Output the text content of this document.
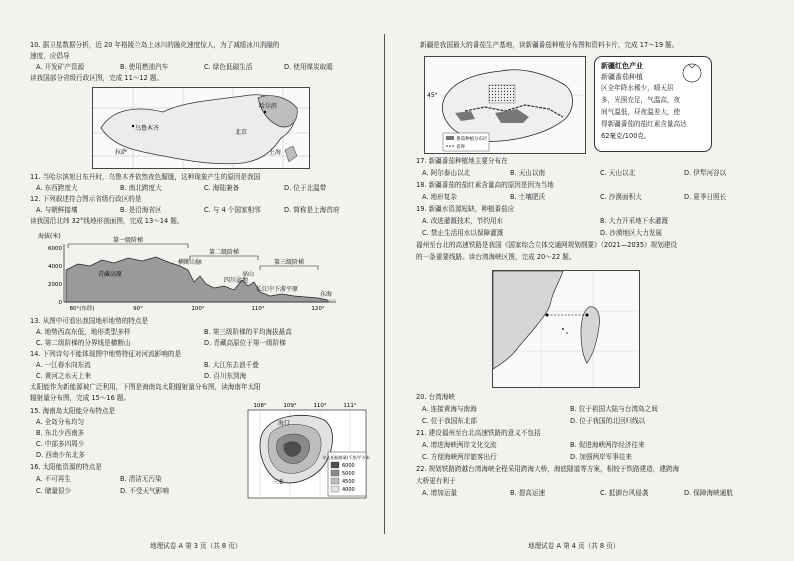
10. 据卫星数据分析，近 20 年格陵兰岛上冰川的融化速度惊人，为了减缓冰川消融的
速度，应倡导
A. 开发矿产资源	B. 使用燃油汽车	C. 绿色低碳生活	D. 使用煤炭取暖
读我国部分省级行政区图，完成 11～12 题。
乌鲁木齐
拉萨
哈尔滨
北京
上海
11. 当哈尔滨旭日东升时，乌鲁木齐依然夜色朦胧，这种现象产生的原因是我国
A. 东西跨度大	B. 南北跨度大	C. 海陆兼备	D. 位于北温带
12. 下列叙述符合图示省级行政区的是
A. 与朝鲜接壤	B. 是沿海省区	C. 与 4 个国家相邻	D. 简称是上海首府
读我国沿北纬 32°线地形剖面图，完成 13～14 题。
海拔(米)
6000
4000
2000
0
第一级阶梯
第二级阶梯
第三级阶梯
青藏高原
横断山脉
四川盆地
巫山
长江中下游平原
东海
80°(东经)	90°	100°	110°	120°
13. 从图中可看出我国地形地势的特点是
A. 地势西高东低，地形类型多样	B. 第三级阶梯的平均海拔最高
C. 第二级阶梯的分界线是横断山	D. 青藏高原位于第一级阶梯
14. 下列诗句不能体现图中地势特征对河流影响的是
A. 一江春水向东流	B. 大江东去浪千叠
C. 黄河之水天上来	D. 百川东到海
太阳能作为新能源被广泛利用，下图是海南岛太阳辐射量分布图，读海南年太阳
辐射量分布图，完成 15～16 题。
15. 海南岛太阳能分布特点是
A. 全岛分布均匀
B. 东北少西南多
C. 中部多四周少
D. 西南少东北多
16. 太阳能资源的特点是
A. 不可再生	B. 清洁无污染
C. 储量很少	D. 不受天气影响
108°	109°	110°	111°
海口
三亚
年太阳辐射量(千焦/平方米)
6000
5000
4500
4000
地理试卷 A 第 3 页（共 8 页）
新疆是我国最大的番茄生产基地，读新疆番茄种植分布图和资料卡片，完成 17～19 题。
45°
番茄种植分布区
省界
新疆红色产业
新疆番茄种植
区全年降水稀少，晴天居
多，光照充足，气温高，夜
间气温低，昼夜温差大，使
得新疆番茄的茄红素含量高达
62毫克/100克。
17. 新疆番茄种植地主要分布在
A. 阿尔泰山以北	B. 天山以南	C. 天山以北	D. 伊犁河谷以
18. 新疆番茄的茄红素含量高的原因是因为当地
A. 地形复杂	B. 土壤肥沃	C. 沙漠面积大	D. 夏季日照长
19. 新疆水资源短缺，种植番茄应
A. 改进灌溉技术，节约用水	B. 大力开采地下水灌溉
C. 禁止生活用水以保障灌溉	D. 沙漠地区大力发展
福州至台北的高速铁路是我国《国家综合立体交通网规划纲要》（2021—2035）规划建设
的一条重要线路。读台湾海峡区图，完成 20～22 题。
20. 台湾海峡
A. 连接黄海与南海	B. 位于祖国大陆与台湾岛之间
C. 位于我国东北部	D. 位于我国的北回归线以
21. 建设福州至台北高速铁路的意义不包括
A. 增进海峡两岸文化交流	B. 促进海峡两岸经济往来
C. 方便海峡两岸旅客出行	D. 加强两岸军事往来
22. 规划铁路跨越台湾海峡全程采用跨海大桥，海底隧道等方案，相较于铁路建造，建跨海
大桥更有利于
A. 增加运量	B. 提高运速	C. 抵御台风侵袭	D. 保障海峡通航
地理试卷 A 第 4 页（共 8 页）
